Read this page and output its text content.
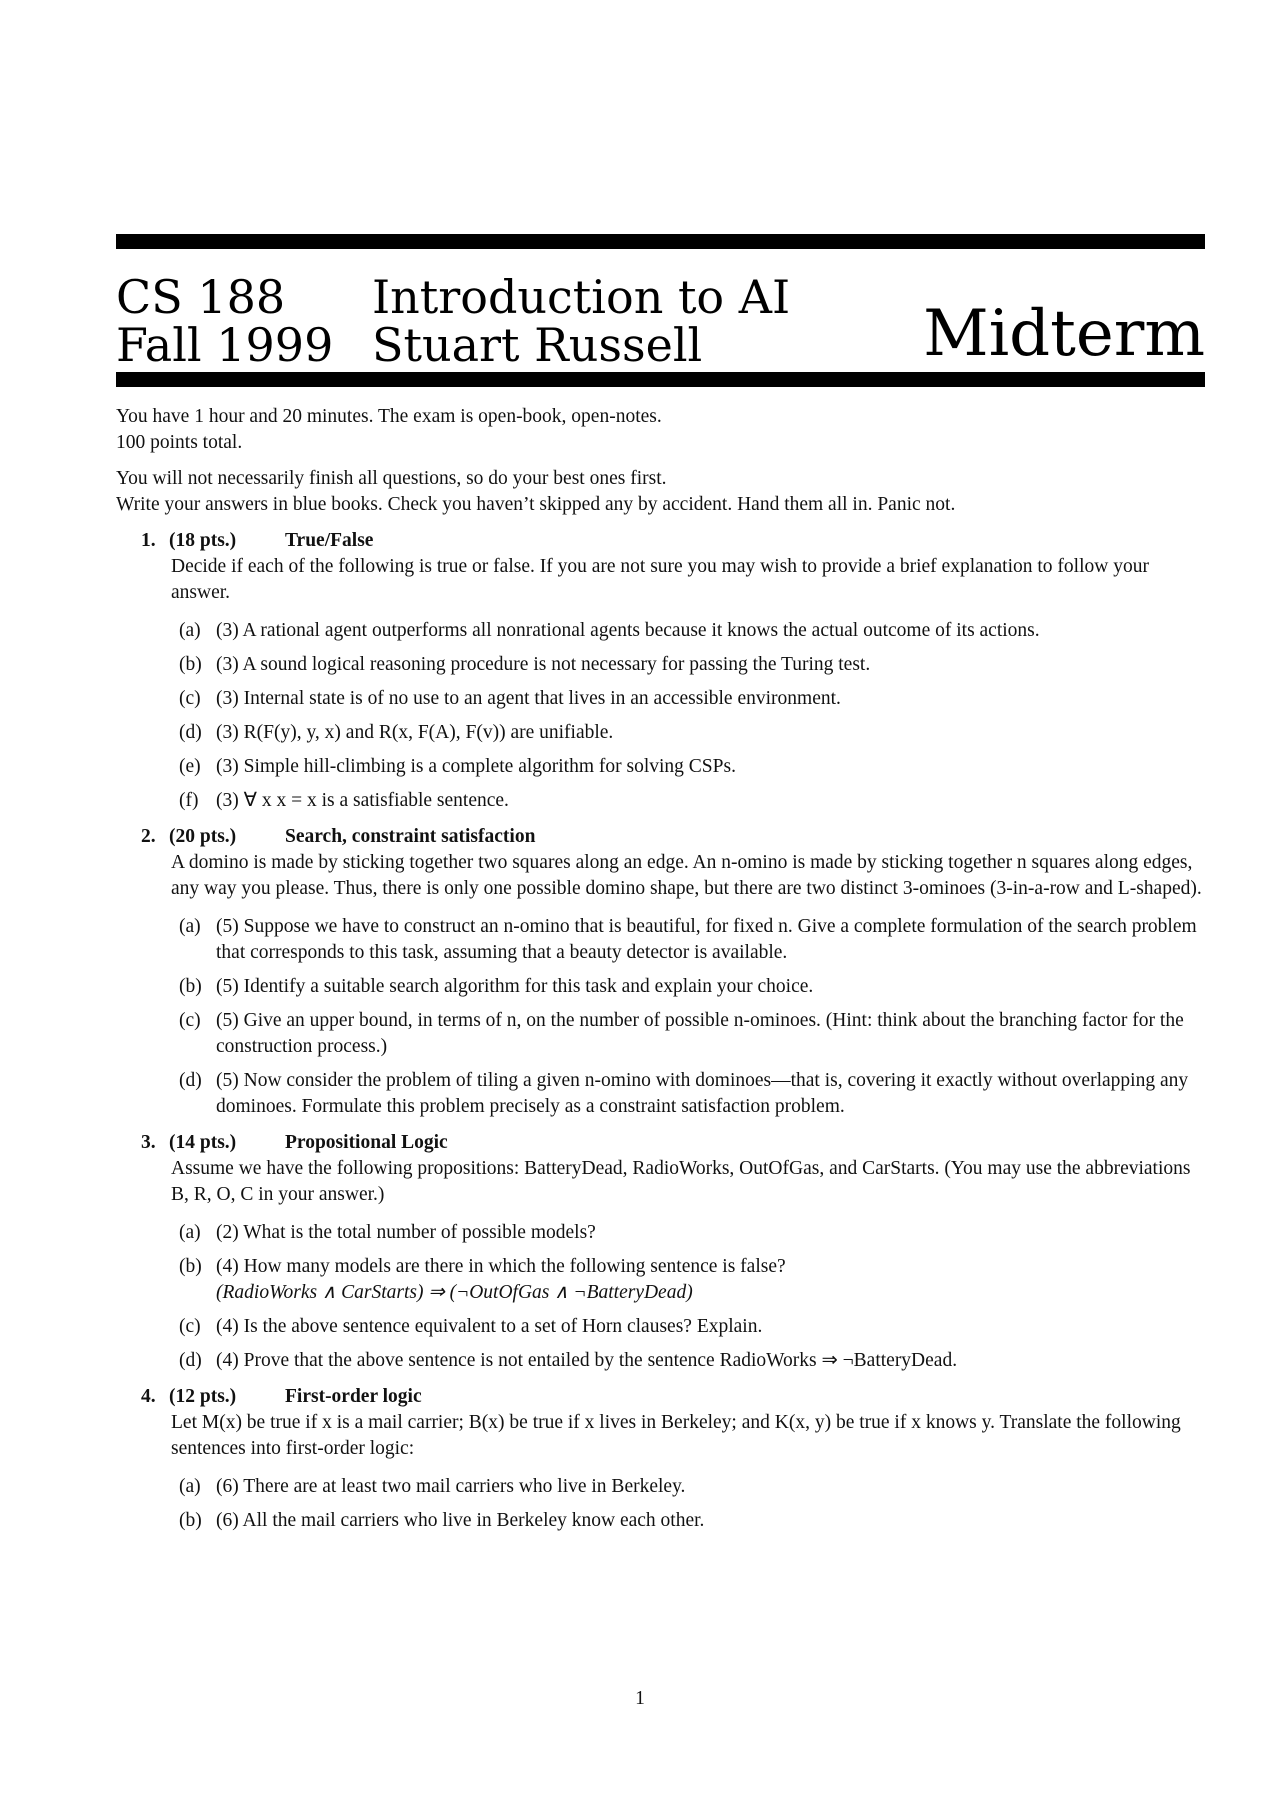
CS 188
Fall 1999
Introduction to AI
Stuart Russell	Midterm

You have 1 hour and 20 minutes. The exam is open-book, open-notes.

100 points total.

You will not necessarily finish all questions, so do your best ones first.

Write your answers in blue books. Check you haven’t skipped any by accident. Hand them all in. Panic not.

1. (18 pts.)	True/False
Decide if each of the following is true or false. If you are not sure you may wish to provide a brief explanation to follow your answer.
(a) (3) A rational agent outperforms all nonrational agents because it knows the actual outcome of its actions.
(b) (3) A sound logical reasoning procedure is not necessary for passing the Turing test.
(c) (3) Internal state is of no use to an agent that lives in an accessible environment.
(d) (3) R(F(y), y, x) and R(x, F(A), F(v)) are unifiable.
(e) (3) Simple hill-climbing is a complete algorithm for solving CSPs.
(f) (3) ∀ x x = x is a satisfiable sentence.
2. (20 pts.)	Search, constraint satisfaction
A domino is made by sticking together two squares along an edge. An n-omino is made by sticking together n squares along edges, any way you please. Thus, there is only one possible domino shape, but there are two distinct 3-ominoes (3-in-a-row and L-shaped).
(a) (5) Suppose we have to construct an n-omino that is beautiful, for fixed n. Give a complete formulation of the search problem that corresponds to this task, assuming that a beauty detector is available.
(b) (5) Identify a suitable search algorithm for this task and explain your choice.
(c) (5) Give an upper bound, in terms of n, on the number of possible n-ominoes. (Hint: think about the branching factor for the construction process.)
(d) (5) Now consider the problem of tiling a given n-omino with dominoes—that is, covering it exactly without overlapping any dominoes. Formulate this problem precisely as a constraint satisfaction problem.
3. (14 pts.)	Propositional Logic
Assume we have the following propositions: BatteryDead, RadioWorks, OutOfGas, and CarStarts. (You may use the abbreviations B, R, O, C in your answer.)
(a) (2) What is the total number of possible models?
(b) (4) How many models are there in which the following sentence is false?
(RadioWorks ∧ CarStarts) ⇒ (¬OutOfGas ∧ ¬BatteryDead)
(c) (4) Is the above sentence equivalent to a set of Horn clauses? Explain.
(d) (4) Prove that the above sentence is not entailed by the sentence RadioWorks ⇒ ¬BatteryDead.
4. (12 pts.)	First-order logic
Let M(x) be true if x is a mail carrier; B(x) be true if x lives in Berkeley; and K(x, y) be true if x knows y. Translate the following sentences into first-order logic:
(a) (6) There are at least two mail carriers who live in Berkeley.
(b) (6) All the mail carriers who live in Berkeley know each other.
1
